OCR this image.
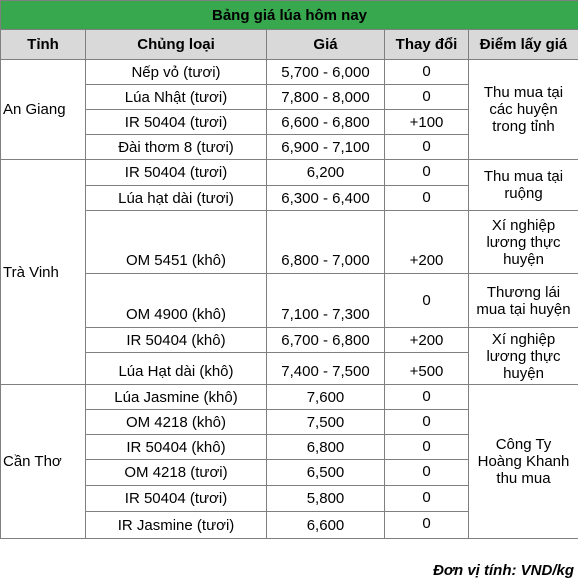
Bảng giá lúa hôm nay				
Tỉnh	Chủng loại	Giá	Thay đổi	Điểm lấy giá

An Giang	Nếp vỏ (tươi)	5,700 - 6,000	0	Thu mua tại
các huyện
trong tỉnh
	Lúa Nhật (tươi)	7,800 - 8,000	0	
	IR 50404 (tươi)	6,600 - 6,800	+100	
	Đài thơm 8 (tươi)	6,900 - 7,100	0	

Trà Vinh	IR 50404 (tươi)	6,200	0	Thu mua tại
ruộng
	Lúa hạt dài (tươi)	6,300 - 6,400	0	
	OM 5451 (khô)	6,800 - 7,000	+200	Xí nghiệp
lương thực
huyện
	OM 4900 (khô)	7,100 - 7,300	0	Thương lái
mua tại huyện
	IR 50404 (khô)	6,700 - 6,800	+200	Xí nghiệp
lương thực
huyện
	Lúa Hạt dài (khô)	7,400 - 7,500	+500	

Cần Thơ	Lúa Jasmine (khô)	7,600	0	Công Ty
Hoàng Khanh
thu mua
	OM 4218 (khô)	7,500	0	
	IR 50404 (khô)	6,800	0	
	OM 4218 (tươi)	6,500	0	
	IR 50404 (tươi)	5,800	0	
	IR Jasmine (tươi)	6,600	0	
Đơn vị tính: VND/kg
